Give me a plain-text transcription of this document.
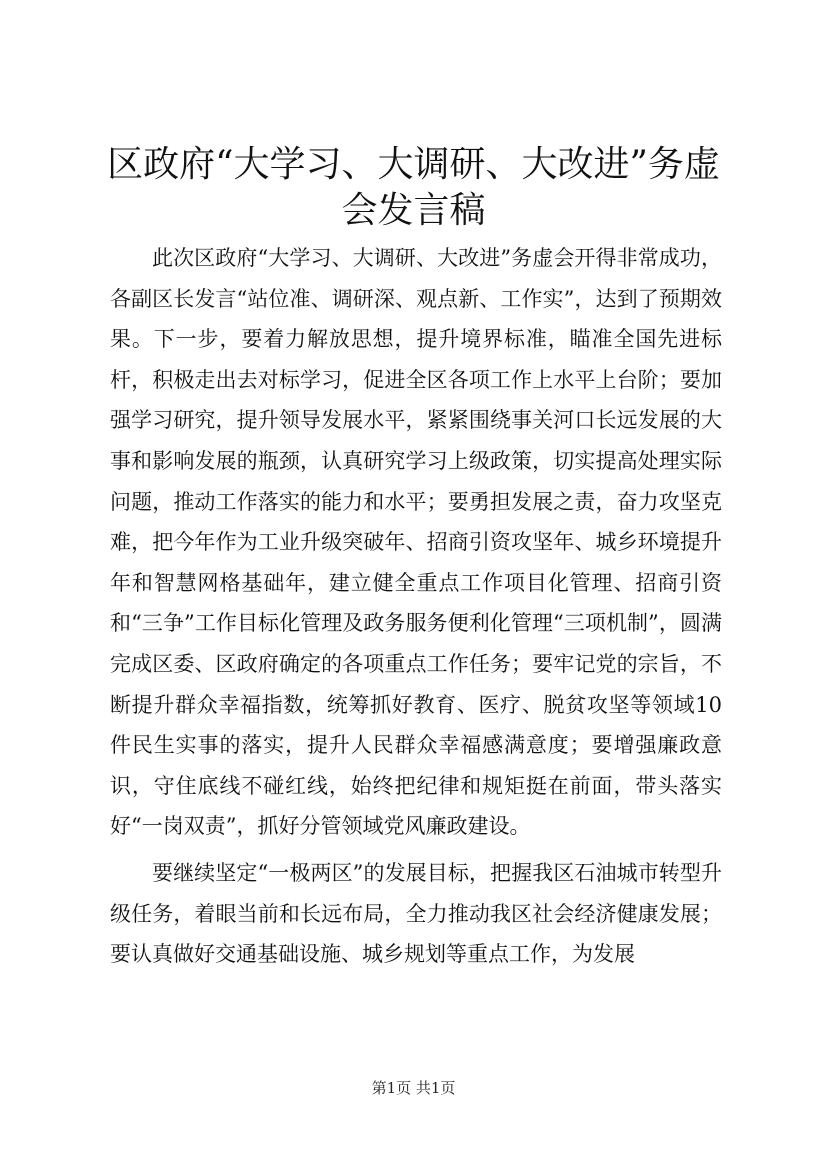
区政府“大学习、大调研、大改进”务虚会发言稿

此次区政府“大学习、大调研、大改进”务虚会开得非常成功，各副区长发言“站位准、调研深、观点新、工作实”，达到了预期效果。下一步，要着力解放思想，提升境界标准，瞄准全国先进标杆，积极走出去对标学习，促进全区各项工作上水平上台阶；要加强学习研究，提升领导发展水平，紧紧围绕事关河口长远发展的大事和影响发展的瓶颈，认真研究学习上级政策，切实提高处理实际问题，推动工作落实的能力和水平；要勇担发展之责，奋力攻坚克难，把今年作为工业升级突破年、招商引资攻坚年、城乡环境提升年和智慧网格基础年，建立健全重点工作项目化管理、招商引资和“三争”工作目标化管理及政务服务便利化管理“三项机制”，圆满完成区委、区政府确定的各项重点工作任务；要牢记党的宗旨，不断提升群众幸福指数，统筹抓好教育、医疗、脱贫攻坚等领域10件民生实事的落实，提升人民群众幸福感满意度；要增强廉政意识，守住底线不碰红线，始终把纪律和规矩挺在前面，带头落实好“一岗双责”，抓好分管领域党风廉政建设。

要继续坚定“一极两区”的发展目标，把握我区石油城市转型升级任务，着眼当前和长远布局，全力推动我区社会经济健康发展；要认真做好交通基础设施、城乡规划等重点工作，为发展

第1页 共1页
